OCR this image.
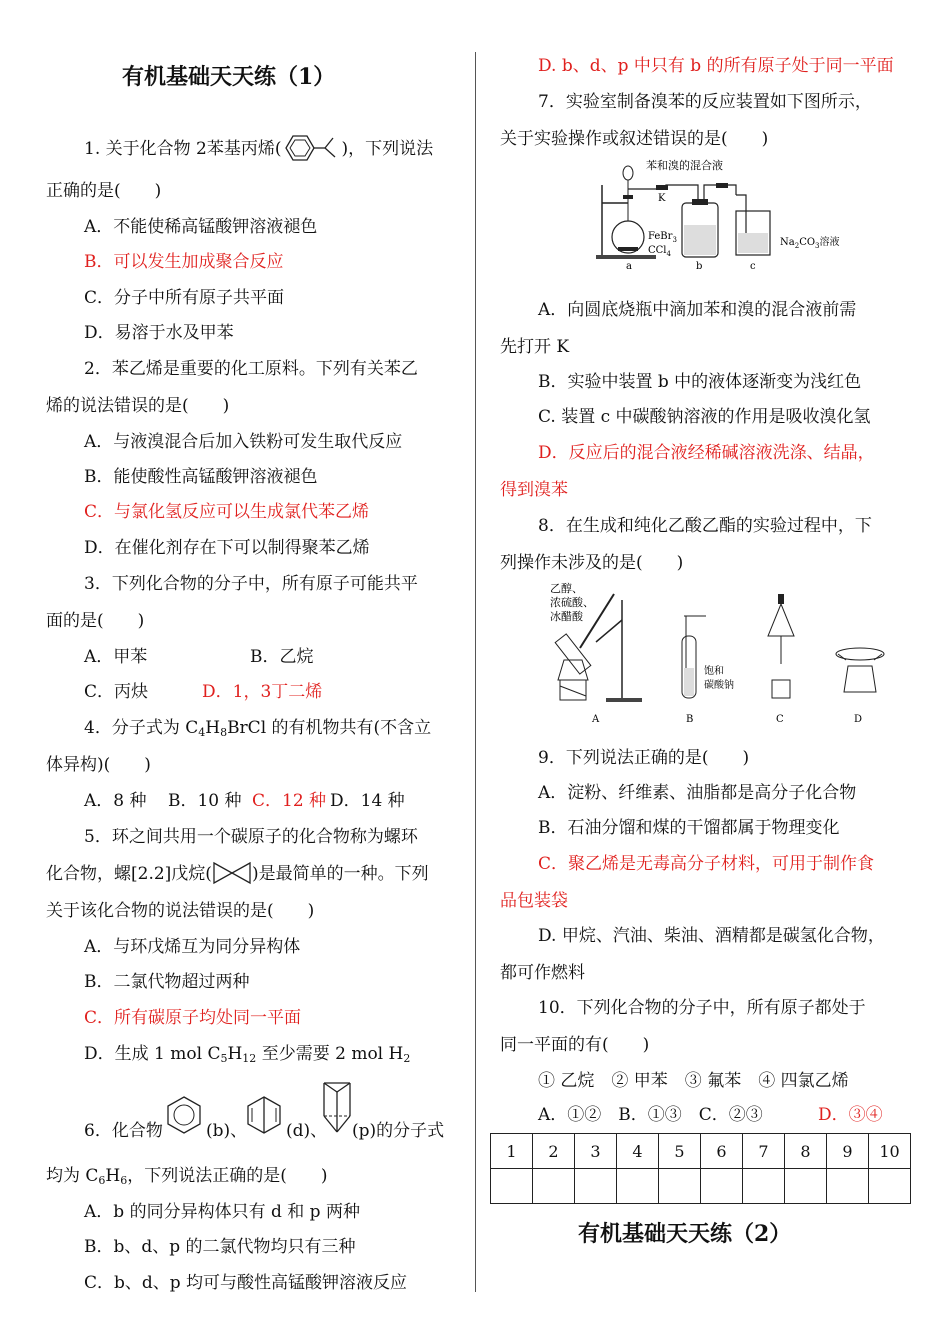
有机基础天天练（1）
1. 关于化合物 2苯基丙烯(	)，下列说法
正确的是(　　)
A．不能使稀高锰酸钾溶液褪色
B．可以发生加成聚合反应
C．分子中所有原子共平面
D．易溶于水及甲苯
2．苯乙烯是重要的化工原料。下列有关苯乙
烯的说法错误的是(　　)
A．与液溴混合后加入铁粉可发生取代反应
B．能使酸性高锰酸钾溶液褪色
C．与氯化氢反应可以生成氯代苯乙烯
D．在催化剂存在下可以制得聚苯乙烯
3．下列化合物的分子中，所有原子可能共平
面的是(　　)
A．甲苯	B．乙烷
C．丙炔	D．1，3丁二烯
4．分子式为 $C_4H_8BrCl$ 的有机物共有(不含立
体异构)(　　)
A．8 种 B．10 种 C．12 种 D．14 种
5．环之间共用一个碳原子的化合物称为螺环
化合物，螺[2.2]戊烷( )是最简单的一种。下列
关于该化合物的说法错误的是(　　)
A．与环戊烯互为同分异构体
B．二氯代物超过两种
C．所有碳原子均处同一平面
D．生成 1 mol $C_5H_{12}$ 至少需要 2 mol $H_2$
6．化合物	(b)、 (d)、 (p)的分子式
均为 $C_6H_6$，下列说法正确的是(　　)
A．b 的同分异构体只有 d 和 p 两种
B．b、d、p 的二氯代物均只有三种
C．b、d、p 均可与酸性高锰酸钾溶液反应
D. b、d、p 中只有 b 的所有原子处于同一平面
7．实验室制备溴苯的反应装置如下图所示，
关于实验操作或叙述错误的是(　　)
苯和溴的混合液
FeBr$_3$
CCl$_4$
K
$Na_2CO_3$溶液
a	b	c
A．向圆底烧瓶中滴加苯和溴的混合液前需
先打开 K
B．实验中装置 b 中的液体逐渐变为浅红色
C. 装置 c 中碳酸钠溶液的作用是吸收溴化氢
D．反应后的混合液经稀碱溶液洗涤、结晶，
得到溴苯
8．在生成和纯化乙酸乙酯的实验过程中，下
列操作未涉及的是(　　)
乙醇、
浓硫酸、
冰醋酸
A
饱和
碳酸钠
B	C	D
9．下列说法正确的是(　　)
A．淀粉、纤维素、油脂都是高分子化合物
B．石油分馏和煤的干馏都属于物理变化
C．聚乙烯是无毒高分子材料，可用于制作食
品包装袋
D. 甲烷、汽油、柴油、酒精都是碳氢化合物，
都可作燃料
10．下列化合物的分子中，所有原子都处于
同一平面的有(　　)
① 乙烷　② 甲苯　③ 氟苯　④ 四氯乙烯
A．①②　B．①③　C．②③	D．③④
1	2	3	4	5	6	7	8	9	10

有机基础天天练（2）
